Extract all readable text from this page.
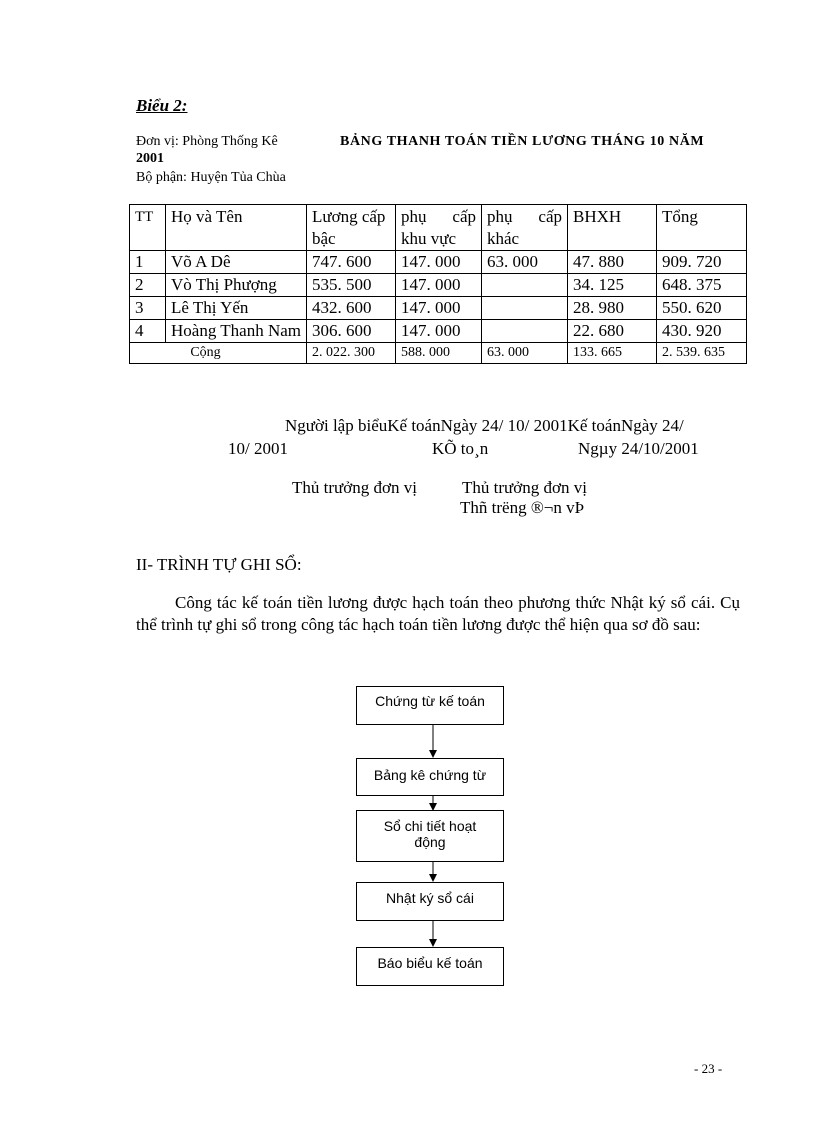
Biểu 2:
Đơn vị: Phòng Thống Kê	BẢNG THANH TOÁN TIỀN LƯƠNG THÁNG 10 NĂM
2001
Bộ phận: Huyện Tủa Chùa
TT	Họ và Tên	Lương cấp bậc	phụ cấp khu vực	phụ cấp khác	BHXH	Tổng
1	Võ A Dê	747. 600	147. 000	63. 000	47. 880	909. 720
2	Vò Thị Phượng	535. 500	147. 000		34. 125	648. 375
3	Lê Thị Yến	432. 600	147. 000		28. 980	550. 620
4	Hoàng Thanh Nam	306. 600	147. 000		22. 680	430. 920
Cộng		2. 022. 300	588. 000	63. 000	133. 665	2. 539. 635
Người lập biểuKế toánNgày 24/ 10/ 2001Kế toánNgày 24/
10/ 2001	KÕ to¸n	Ngµy 24/10/2001
Thủ trưởng đơn vị	Thủ trưởng đơn vị
Thñ trëng ®¬n vÞ
II- TRÌNH TỰ GHI SỔ:
Công tác kế toán tiền lương được hạch toán theo phương thức Nhật ký sổ cái. Cụ thể trình tự ghi sổ trong công tác hạch toán tiền lương được thể hiện qua sơ đồ sau:
Chứng từ kế toán
Bảng kê chứng từ
Sổ chi tiết hoạt động
Nhật ký sổ cái
Báo biểu kế toán
- 23 -
